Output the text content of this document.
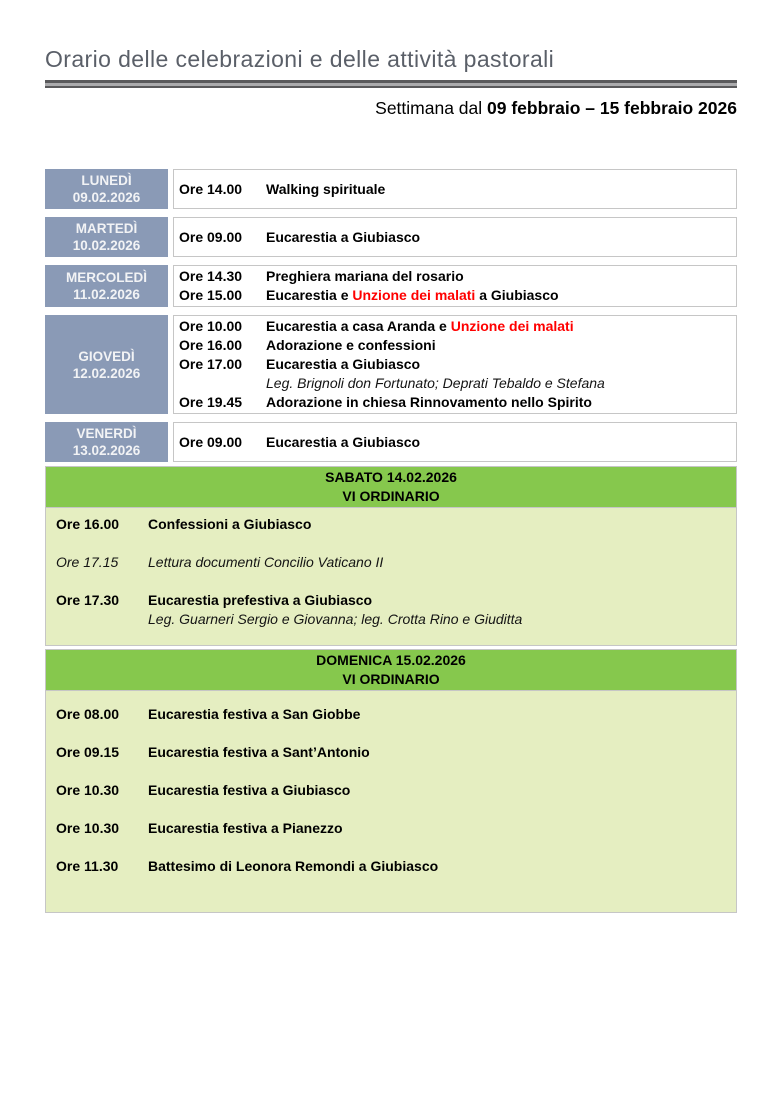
Orario delle celebrazioni e delle attività pastorali
Settimana dal 09 febbraio – 15 febbraio 2026
LUNEDÌ
09.02.2026
Ore 14.00	Walking spirituale
MARTEDÌ
10.02.2026
Ore 09.00	Eucarestia a Giubiasco
MERCOLEDÌ
11.02.2026
Ore 14.30	Preghiera mariana del rosario
Ore 15.00	Eucarestia e Unzione dei malati a Giubiasco
GIOVEDÌ
12.02.2026
Ore 10.00	Eucarestia a casa Aranda e Unzione dei malati
Ore 16.00	Adorazione e confessioni
Ore 17.00	Eucarestia a Giubiasco
Leg. Brignoli don Fortunato; Deprati Tebaldo e Stefana
Ore 19.45	Adorazione in chiesa Rinnovamento nello Spirito
VENERDÌ
13.02.2026
Ore 09.00	Eucarestia a Giubiasco
SABATO 14.02.2026
VI ORDINARIO
Ore 16.00	Confessioni a Giubiasco
Ore 17.15	Lettura documenti Concilio Vaticano II
Ore 17.30	Eucarestia prefestiva a Giubiasco
Leg. Guarneri Sergio e Giovanna; leg. Crotta Rino e Giuditta
DOMENICA 15.02.2026
VI ORDINARIO
Ore 08.00	Eucarestia festiva a San Giobbe
Ore 09.15	Eucarestia festiva a Sant’Antonio
Ore 10.30	Eucarestia festiva a Giubiasco
Ore 10.30	Eucarestia festiva a Pianezzo
Ore 11.30	Battesimo di Leonora Remondi a Giubiasco
